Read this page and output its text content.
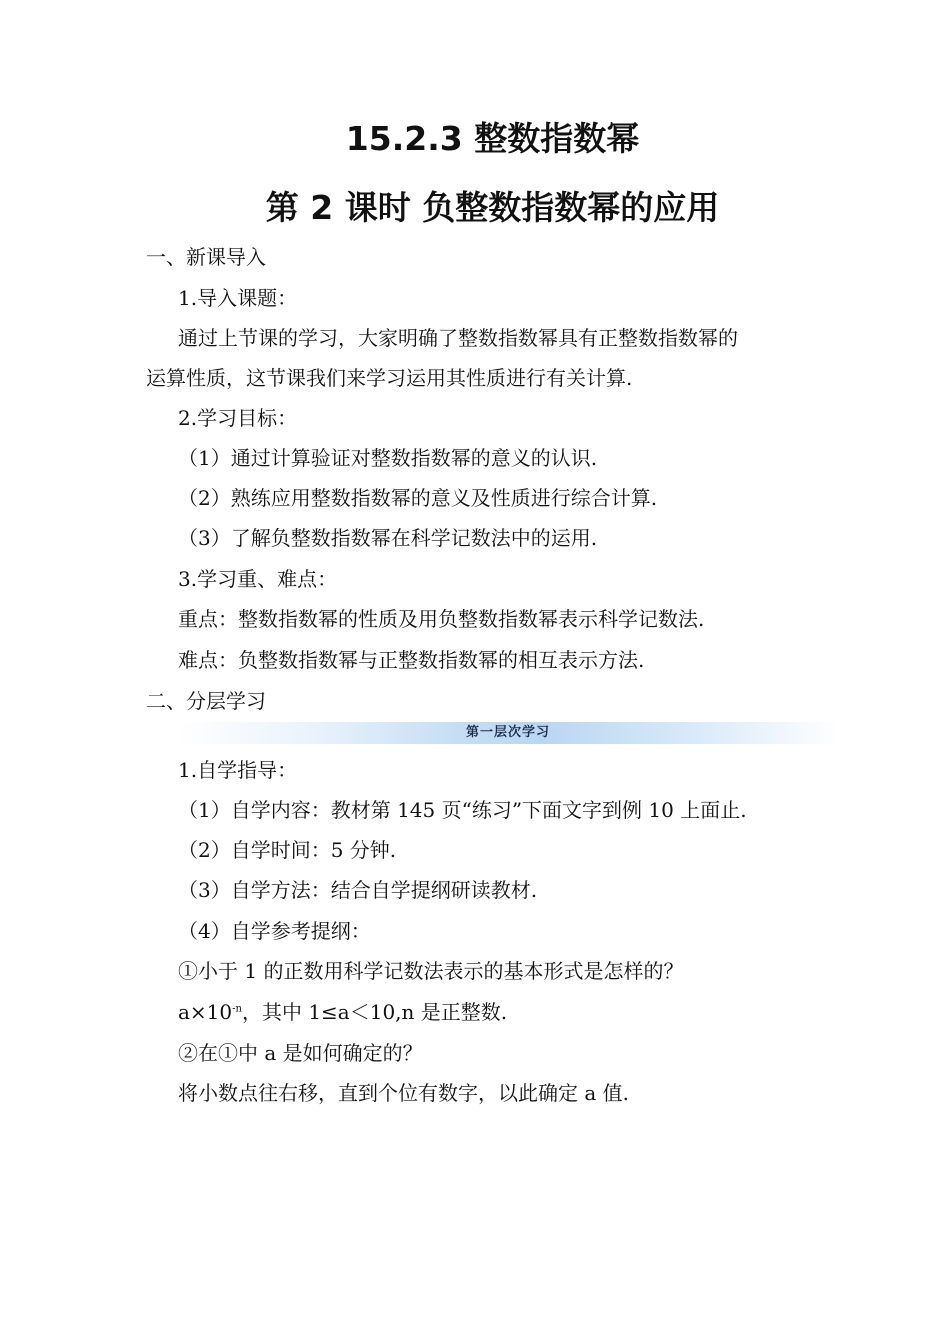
15.2.3 整数指数幂
第 2 课时 负整数指数幂的应用

一、新课导入

1.导入课题：

通过上节课的学习，大家明确了整数指数幂具有正整数指数幂的

运算性质，这节课我们来学习运用其性质进行有关计算.

2.学习目标：

（1）通过计算验证对整数指数幂的意义的认识.

（2）熟练应用整数指数幂的意义及性质进行综合计算.

（3）了解负整数指数幂在科学记数法中的运用.

3.学习重、难点：

重点：整数指数幂的性质及用负整数指数幂表示科学记数法.

难点：负整数指数幂与正整数指数幂的相互表示方法.

二、分层学习

第一层次学习

1.自学指导：

（1）自学内容：教材第 145 页“练习”下面文字到例 10 上面止.

（2）自学时间：5 分钟.

（3）自学方法：结合自学提纲研读教材.

（4）自学参考提纲：

①小于 1 的正数用科学记数法表示的基本形式是怎样的？

$a\times 10^{-n}$，其中 1≤a＜10,n 是正整数.

②在①中 a 是如何确定的？

将小数点往右移，直到个位有数字，以此确定 a 值.
